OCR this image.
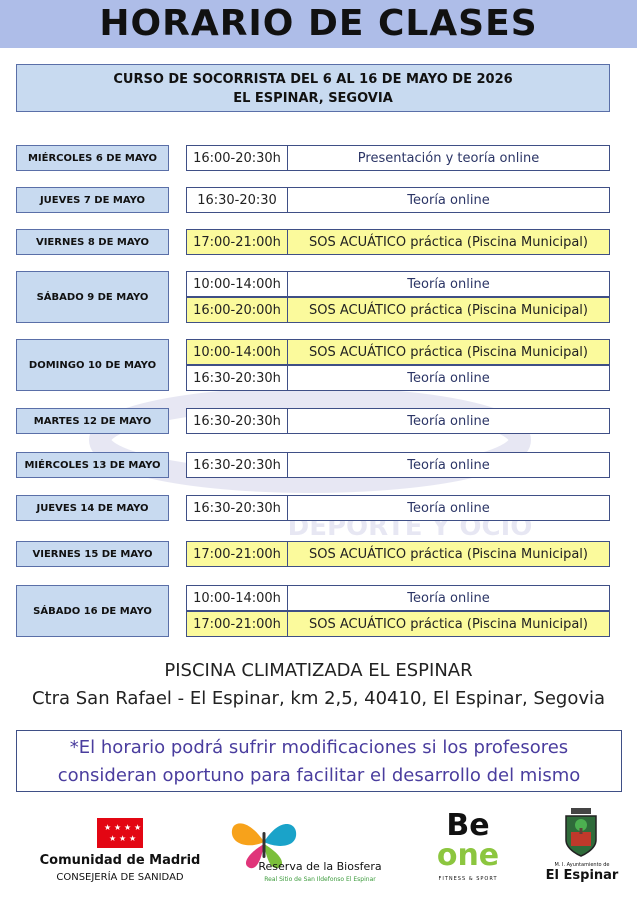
HORARIO DE CLASES
CURSO DE SOCORRISTA DEL 6 AL 16 DE MAYO DE 2026
EL ESPINAR, SEGOVIA
DEPORTE Y OCIO
MIÉRCOLES 6 DE MAYO	16:00-20:30h	Presentación y teoría online
JUEVES 7 DE MAYO	16:30-20:30	Teoría online
VIERNES 8 DE MAYO	17:00-21:00h	SOS ACUÁTICO práctica (Piscina Municipal)
SÁBADO 9 DE MAYO
10:00-14:00h	Teoría online
16:00-20:00h	SOS ACUÁTICO práctica (Piscina Municipal)
DOMINGO 10 DE MAYO
10:00-14:00h	SOS ACUÁTICO práctica (Piscina Municipal)
16:30-20:30h	Teoría online
MARTES 12 DE MAYO	16:30-20:30h	Teoría online
MIÉRCOLES 13 DE MAYO	16:30-20:30h	Teoría online
JUEVES 14 DE MAYO	16:30-20:30h	Teoría online
VIERNES 15 DE MAYO	17:00-21:00h	SOS ACUÁTICO práctica (Piscina Municipal)
SÁBADO 16 DE MAYO
10:00-14:00h	Teoría online
17:00-21:00h	SOS ACUÁTICO práctica (Piscina Municipal)
PISCINA CLIMATIZADA EL ESPINAR
Ctra San Rafael - El Espinar, km 2,5, 40410, El Espinar, Segovia
*El horario podrá sufrir modificaciones si los profesores
consideran oportuno para facilitar el desarrollo del mismo
★ ★ ★ ★
★ ★ ★
Comunidad de Madrid
CONSEJERÍA DE SANIDAD
Reserva de la Biosfera
Real Sitio de San Ildefonso El Espinar
Be
one
FITNESS & SPORT
M. I. Ayuntamiento de
El Espinar
